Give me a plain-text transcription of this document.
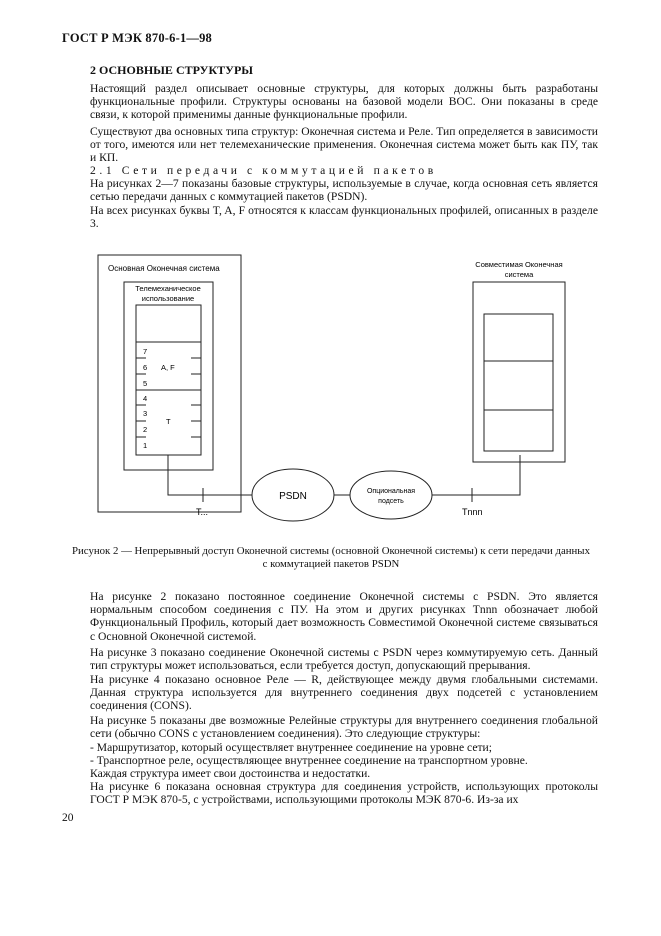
ГОСТ Р МЭК 870-6-1—98
2 ОСНОВНЫЕ СТРУКТУРЫ
Настоящий раздел описывает основные структуры, для которых должны быть разработаны функциональные профили. Структуры основаны на базовой модели ВОС. Они показаны в среде связи, к которой применимы данные функциональные профили.
Существуют два основных типа структур: Оконечная система и Реле. Тип определяется в зависимости от того, имеются или нет телемеханические применения. Оконечная система может быть как ПУ, так и КП.
2.1 Сети передачи с коммутацией пакетов
На рисунках 2—7 показаны базовые структуры, используемые в случае, когда основная сеть является сетью передачи данных с коммутацией пакетов (PSDN).
На всех рисунках буквы T, A, F относятся к классам функциональных профилей, описанных в разделе 3.
Основная Оконечная система
Телемеханическое
использование
7
6
5
4
3
2
1
A, F
T
PSDN	Опциональная
подсеть
T...	Tnnn
Совместимая Оконечная
система
Рисунок 2 — Непрерывный доступ Оконечной системы (основной Оконечной системы) к сети передачи данных с коммутацией пакетов PSDN
На рисунке 2 показано постоянное соединение Оконечной системы с PSDN. Это является нормальным способом соединения с ПУ. На этом и других рисунках Tnnn обозначает любой Функциональный Профиль, который дает возможность Совместимой Оконечной системе связываться с Основной Оконечной системой.
На рисунке 3 показано соединение Оконечной системы с PSDN через коммутируемую сеть. Данный тип структуры может использоваться, если требуется доступ, допускающий прерывания.
На рисунке 4 показано основное Реле — R, действующее между двумя глобальными системами. Данная структура используется для внутреннего соединения двух подсетей с установлением соединения (CONS).
На рисунке 5 показаны две возможные Релейные структуры для внутреннего соединения глобальной сети (обычно CONS с установлением соединения). Это следующие структуры:
- Маршрутизатор, который осуществляет внутреннее соединение на уровне сети;
- Транспортное реле, осуществляющее внутреннее соединение на транспортном уровне.
Каждая структура имеет свои достоинства и недостатки.
На рисунке 6 показана основная структура для соединения устройств, использующих протоколы ГОСТ Р МЭК 870-5, с устройствами, использующими протоколы МЭК 870-6. Из-за их
20
